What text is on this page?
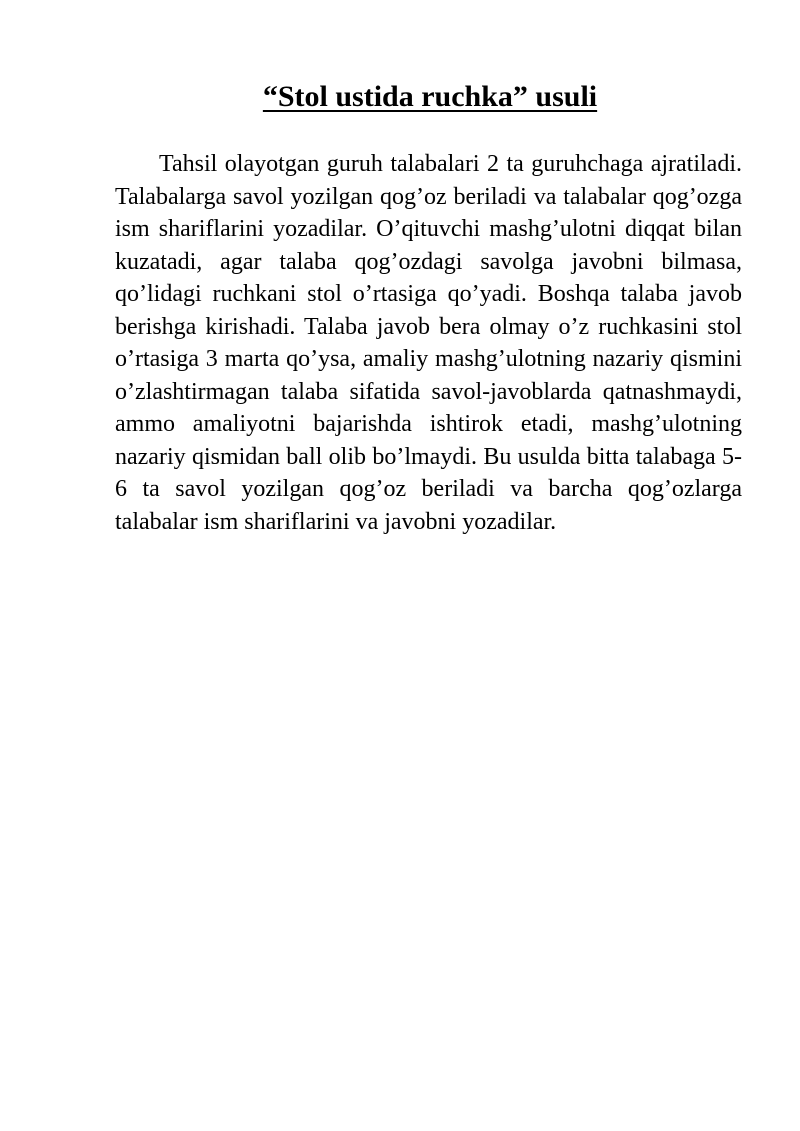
“Stol ustida ruchka” usuli

Tahsil olayotgan guruh talabalari 2 ta guruhchaga ajratiladi. Talabalarga savol yozilgan qog’oz beriladi va talabalar qog’ozga ism shariflarini yozadilar. O’qituvchi mashg’ulotni diqqat bilan kuzatadi, agar talaba qog’ozdagi savolga javobni bilmasa, qo’lidagi ruchkani stol o’rtasiga qo’yadi. Boshqa talaba javob berishga kirishadi. Talaba javob bera olmay o’z ruchkasini stol o’rtasiga 3 marta qo’ysa, amaliy mashg’ulotning nazariy qismini o’zlashtirmagan talaba sifatida savol-javoblarda qatnashmaydi, ammo amaliyotni bajarishda ishtirok etadi, mashg’ulotning nazariy qismidan ball olib bo’lmaydi. Bu usulda bitta talabaga 5-6 ta savol yozilgan qog’oz beriladi va barcha qog’ozlarga talabalar ism shariflarini va javobni yozadilar.
